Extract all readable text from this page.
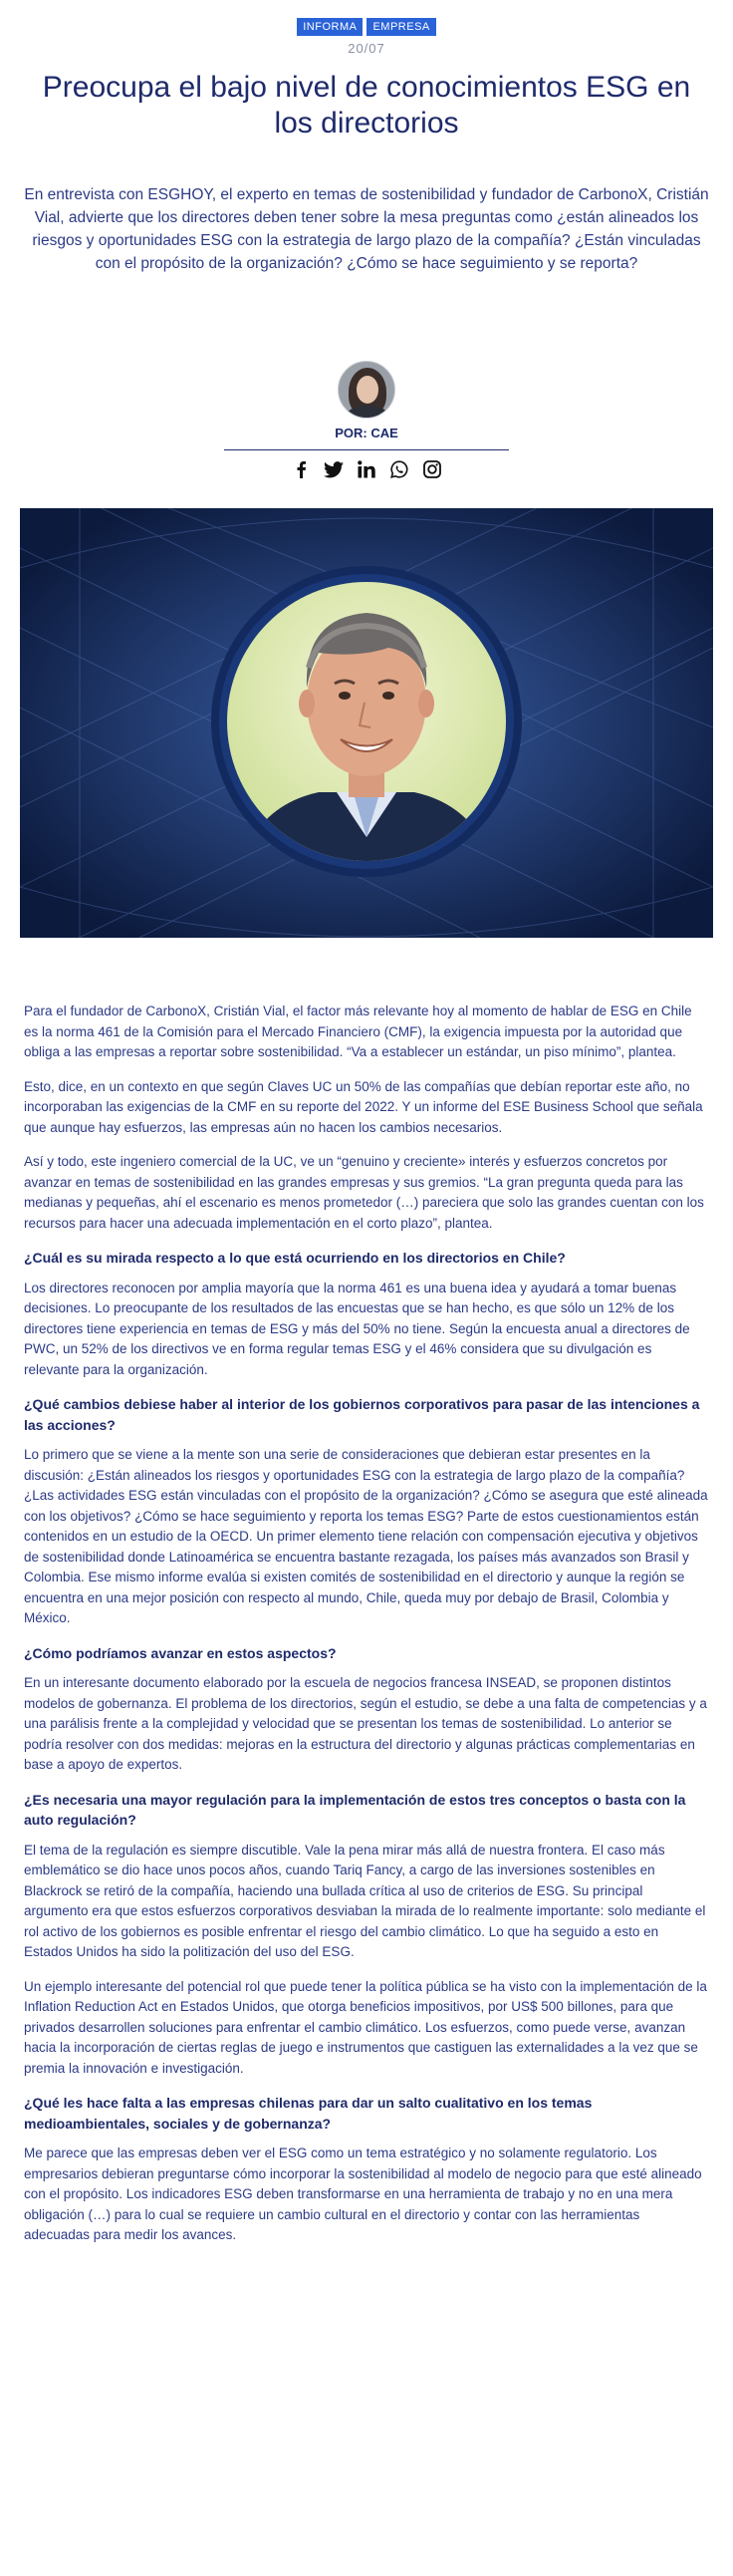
INFORMA	EMPRESA
20/07
Preocupa el bajo nivel de conocimientos ESG en los directorios

En entrevista con ESGHOY, el experto en temas de sostenibilidad y fundador de CarbonoX, Cristián Vial, advierte que los directores deben tener sobre la mesa preguntas como ¿están alineados los riesgos y oportunidades ESG con la estrategia de largo plazo de la compañía? ¿Están vinculadas con el propósito de la organización? ¿Cómo se hace seguimiento y se reporta?

POR: CAE

Para el fundador de CarbonoX, Cristián Vial, el factor más relevante hoy al momento de hablar de ESG en Chile es la norma 461 de la Comisión para el Mercado Financiero (CMF), la exigencia impuesta por la autoridad que obliga a las empresas a reportar sobre sostenibilidad. “Va a establecer un estándar, un piso mínimo”, plantea.

Esto, dice, en un contexto en que según Claves UC un 50% de las compañías que debían reportar este año, no incorporaban las exigencias de la CMF en su reporte del 2022. Y un informe del ESE Business School que señala que aunque hay esfuerzos, las empresas aún no hacen los cambios necesarios.

Así y todo, este ingeniero comercial de la UC, ve un “genuino y creciente» interés y esfuerzos concretos por avanzar en temas de sostenibilidad en las grandes empresas y sus gremios. “La gran pregunta queda para las medianas y pequeñas, ahí el escenario es menos prometedor (…) pareciera que solo las grandes cuentan con los recursos para hacer una adecuada implementación en el corto plazo”, plantea.

¿Cuál es su mirada respecto a lo que está ocurriendo en los directorios en Chile?

Los directores reconocen por amplia mayoría que la norma 461 es una buena idea y ayudará a tomar buenas decisiones. Lo preocupante de los resultados de las encuestas que se han hecho, es que sólo un 12% de los directores tiene experiencia en temas de ESG y más del 50% no tiene. Según la encuesta anual a directores de PWC, un 52% de los directivos ve en forma regular temas ESG y el 46% considera que su divulgación es relevante para la organización.

¿Qué cambios debiese haber al interior de los gobiernos corporativos para pasar de las intenciones a las acciones?

Lo primero que se viene a la mente son una serie de consideraciones que debieran estar presentes en la discusión: ¿Están alineados los riesgos y oportunidades ESG con la estrategia de largo plazo de la compañía? ¿Las actividades ESG están vinculadas con el propósito de la organización? ¿Cómo se asegura que esté alineada con los objetivos? ¿Cómo se hace seguimiento y reporta los temas ESG? Parte de estos cuestionamientos están contenidos en un estudio de la OECD. Un primer elemento tiene relación con compensación ejecutiva y objetivos de sostenibilidad donde Latinoamérica se encuentra bastante rezagada, los países más avanzados son Brasil y Colombia. Ese mismo informe evalúa si existen comités de sostenibilidad en el directorio y aunque la región se encuentra en una mejor posición con respecto al mundo, Chile, queda muy por debajo de Brasil, Colombia y México.

¿Cómo podríamos avanzar en estos aspectos?

En un interesante documento elaborado por la escuela de negocios francesa INSEAD, se proponen distintos modelos de gobernanza. El problema de los directorios, según el estudio, se debe a una falta de competencias y a una parálisis frente a la complejidad y velocidad que se presentan los temas de sostenibilidad. Lo anterior se podría resolver con dos medidas: mejoras en la estructura del directorio y algunas prácticas complementarias en base a apoyo de expertos.

¿Es necesaria una mayor regulación para la implementación de estos tres conceptos o basta con la auto regulación?

El tema de la regulación es siempre discutible. Vale la pena mirar más allá de nuestra frontera. El caso más emblemático se dio hace unos pocos años, cuando Tariq Fancy, a cargo de las inversiones sostenibles en Blackrock se retiró de la compañía, haciendo una bullada crítica al uso de criterios de ESG. Su principal argumento era que estos esfuerzos corporativos desviaban la mirada de lo realmente importante: solo mediante el rol activo de los gobiernos es posible enfrentar el riesgo del cambio climático. Lo que ha seguido a esto en Estados Unidos ha sido la politización del uso del ESG.

Un ejemplo interesante del potencial rol que puede tener la política pública se ha visto con la implementación de la Inflation Reduction Act en Estados Unidos, que otorga beneficios impositivos, por US$ 500 billones, para que privados desarrollen soluciones para enfrentar el cambio climático. Los esfuerzos, como puede verse, avanzan hacia la incorporación de ciertas reglas de juego e instrumentos que castiguen las externalidades a la vez que se premia la innovación e investigación.

¿Qué les hace falta a las empresas chilenas para dar un salto cualitativo en los temas medioambientales, sociales y de gobernanza?

Me parece que las empresas deben ver el ESG como un tema estratégico y no solamente regulatorio. Los empresarios debieran preguntarse cómo incorporar la sostenibilidad al modelo de negocio para que esté alineado con el propósito. Los indicadores ESG deben transformarse en una herramienta de trabajo y no en una mera obligación (…) para lo cual se requiere un cambio cultural en el directorio y contar con las herramientas adecuadas para medir los avances.
